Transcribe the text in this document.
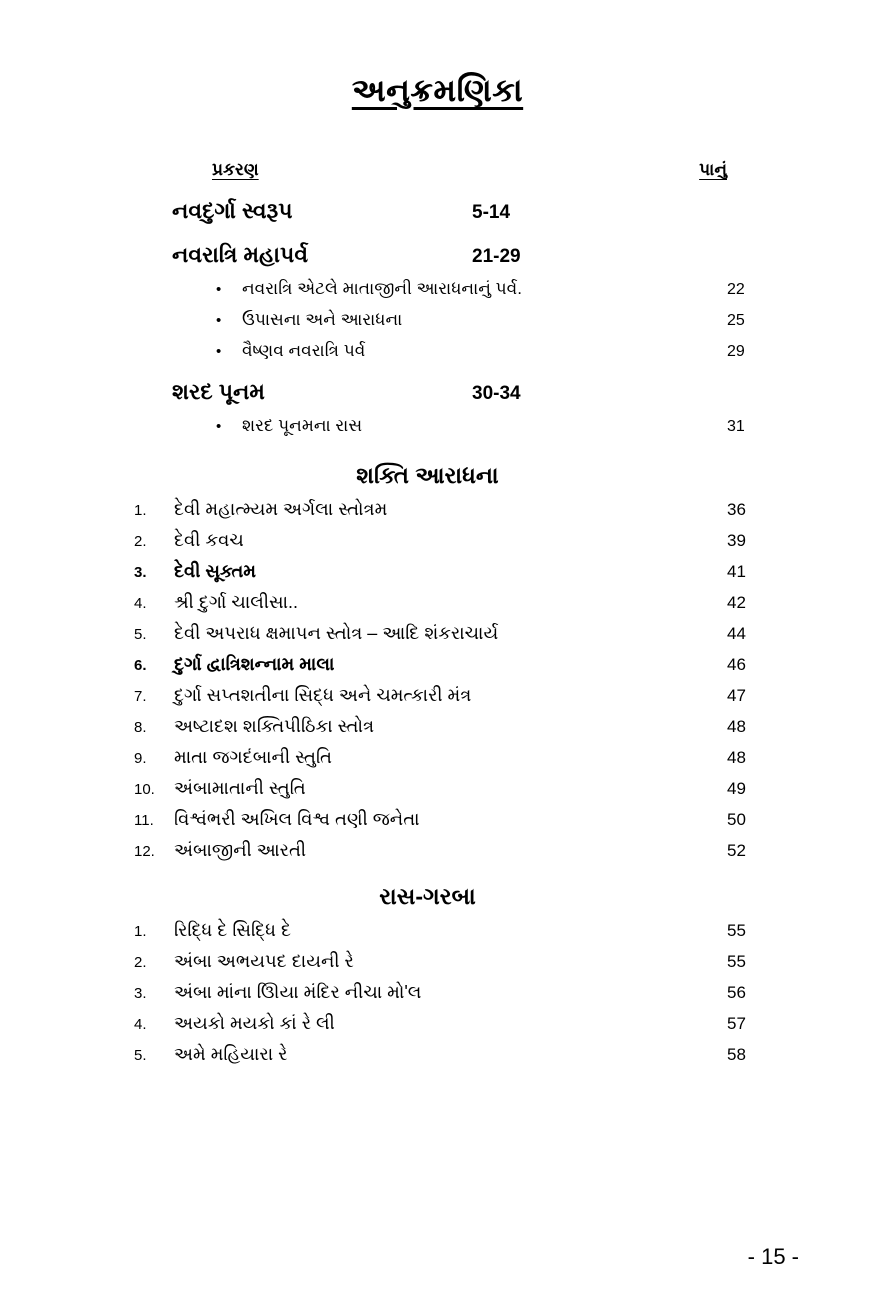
અનુક્રમણિકા
પ્રકરણ	પાનું
નવદુર્ગા સ્વરૂપ	5-14
નવરાત્રિ મહાપર્વ	21-29
•	નવરાત્રિ એટલે માતાજીની આરાધનાનું પર્વ.	22
•	ઉપાસના અને આરાધના	25
•	વૈષ્ણવ નવરાત્રિ પર્વ	29
શરદ પૂનમ	30-34
•	શરદ પૂનમના રાસ	31
શક્તિ આરાધના
1.	દેવી મહાત્મ્યમ અર્ગલા સ્તોત્રમ	36
2.	દેવી કવચ	39
3.	દેવી સૂક્તમ	41
4.	શ્રી દુર્ગા ચાલીસા..	42
5.	દેવી અપરાધ ક્ષમાપન સ્તોત્ર – આદિ શંકરાચાર્ય	44
6.	દુર્ગા દ્વાત્રિશન્નામ માલા	46
7.	દુર્ગા સપ્તશતીના સિદ્ધ અને ચમત્કારી મંત્ર	47
8.	અષ્ટાદશ શક્તિપીઠિકા સ્તોત્ર	48
9.	માતા જગદંબાની સ્તુતિ	48
10.	અંબામાતાની સ્તુતિ	49
11.	વિશ્વંભરી અખિલ વિશ્વ તણી જનેતા	50
12.	અંબાજીની આરતી	52
રાસ-ગરબા
1.	રિદ્ધિ દે સિદ્ધિ દે	55
2.	અંબા અભયપદ દાયની રે	55
3.	અંબા માંના ઊિયા મંદિર નીચા મો'લ	56
4.	અયકો મયકો કાં રે લી	57
5.	અમે મહિયારા રે	58
- 15 -
